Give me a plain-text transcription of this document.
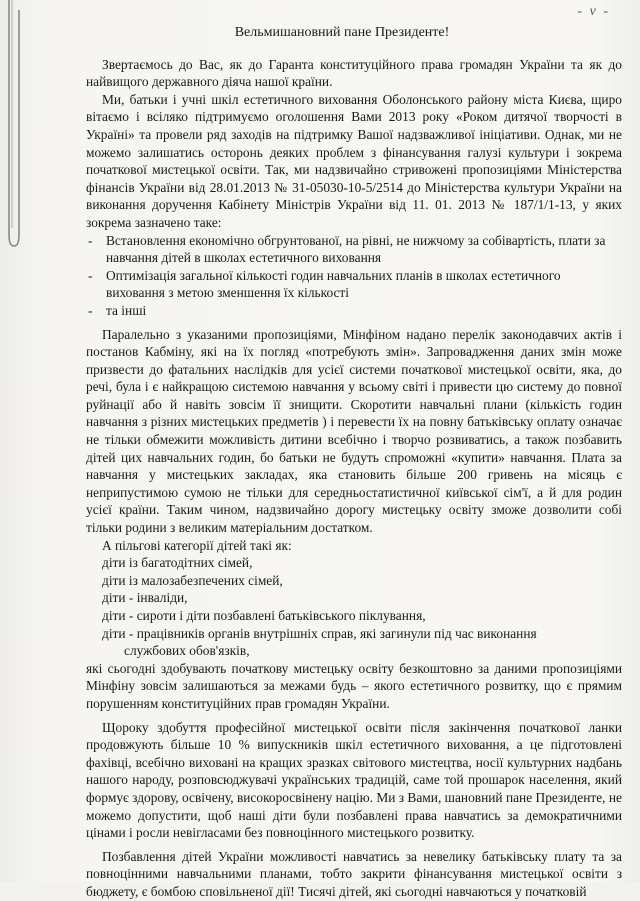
- ν -
Вельмишановний пане Президенте!

Звертаємось до Вас, як до Гаранта конституційного права громадян України та як до найвищого державного діяча нашої країни.

Ми, батьки і учні шкіл естетичного виховання Оболонського району міста Києва, щиро вітаємо і всіляко підтримуємо оголошення Вами 2013 року «Роком дитячої творчості в Україні» та провели ряд заходів на підтримку Вашої надзважливої ініціативи. Однак, ми не можемо залишатись осторонь деяких проблем з фінансування галузі культури і зокрема початкової мистецької освіти. Так, ми надзвичайно стривожені пропозиціями Міністерства фінансів України від 28.01.2013 № 31-05030-10-5/2514 до Міністерства культури України на виконання доручення Кабінету Міністрів України від 11. 01. 2013 № 187/1/1-13, у яких зокрема зазначено таке:

- Встановлення економічно обгрунтованої, на рівні, не нижчому за собівартість, плати за навчання дітей в школах естетичного виховання
- Оптимізація загальної кількості годин навчальних планів в школах естетичного виховання з метою зменшення їх кількості
- та інші

Паралельно з указаними пропозиціями, Мінфіном надано перелік законодавчих актів і постанов Кабміну, які на їх погляд «потребують змін». Запровадження даних змін може призвести до фатальних наслідків для усієї системи початкової мистецької освіти, яка, до речі, була і є найкращою системою навчання у всьому світі і привести цю систему до повної руйнації або й навіть зовсім її знищити. Скоротити навчальні плани (кількість годин навчання з різних мистецьких предметів ) і перевести їх на повну батьківську оплату означає не тільки обмежити можливість дитини всебічно і творчо розвиватись, а також позбавить дітей цих навчальних годин, бо батьки не будуть спроможні «купити» навчання. Плата за навчання у мистецьких закладах, яка становить більше 200 гривень на місяць є неприпустимою сумою не тільки для середньостатистичної київської сім'ї, а й для родин усієї країни. Таким чином, надзвичайно дорогу мистецьку освіту зможе дозволити собі тільки родини з великим матеріальним достатком.

А пільгові категорії дітей такі як:

діти із багатодітних сімей,
діти із малозабезпечених сімей,
діти - інваліди,
діти - сироти і діти позбавлені батьківського піклування,
діти - працівників органів внутрішніх справ, які загинули під час виконання
службових обов'язків,

які сьогодні здобувають початкову мистецьку освіту безкоштовно за даними пропозиціями Мінфіну зовсім залишаються за межами будь – якого естетичного розвитку, що є прямим порушенням конституційних прав громадян України.

Щороку здобуття професійної мистецької освіти після закінчення початкової ланки продовжують більше 10 % випускників шкіл естетичного виховання, а це підготовлені фахівці, всебічно виховані на кращих зразках світового мистецтва, носії культурних надбань нашого народу, розповсюджувачі українських традицій, саме той прошарок населення, який формує здорову, освічену, високоросвінену націю. Ми з Вами, шановний пане Президенте, не можемо допустити, щоб наші діти були позбавлені права навчатись за демократичними цінами і росли невігласами без повноцінного мистецького розвитку.

Позбавлення дітей України можливості навчатись за невелику батьківську плату та за повноцінними навчальними планами, тобто закрити фінансування мистецької освіти з бюджету, є бомбою сповільненої дії! Тисячі дітей, які сьогодні навчаються у початковій
